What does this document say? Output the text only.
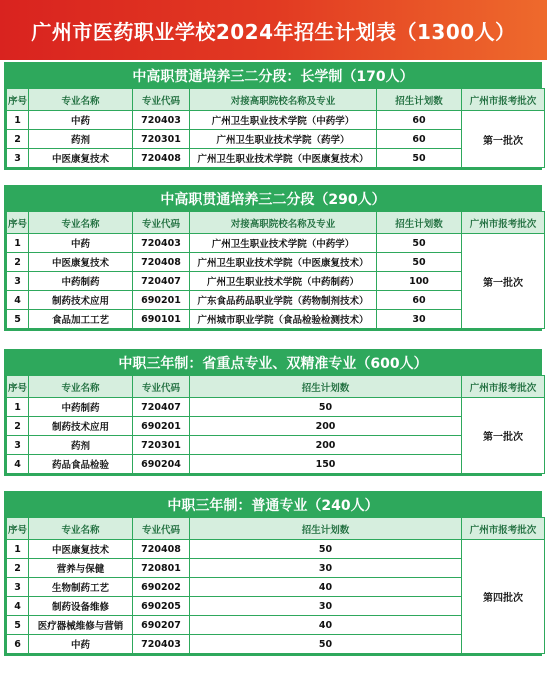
广州市医药职业学校2024年招生计划表（1300人）
中高职贯通培养三二分段：长学制（170人）
序号	专业名称	专业代码	对接高职院校名称及专业	招生计划数	广州市报考批次
1	中药	720403	广州卫生职业技术学院（中药学）	60	第一批次
2	药剂	720301	广州卫生职业技术学院（药学）	60	
3	中医康复技术	720408	广州卫生职业技术学院（中医康复技术）	50	
中高职贯通培养三二分段（290人）
序号	专业名称	专业代码	对接高职院校名称及专业	招生计划数	广州市报考批次
1	中药	720403	广州卫生职业技术学院（中药学）	50	第一批次
2	中医康复技术	720408	广州卫生职业技术学院（中医康复技术）	50	
3	中药制药	720407	广州卫生职业技术学院（中药制药）	100	
4	制药技术应用	690201	广东食品药品职业学院（药物制剂技术）	60	
5	食品加工工艺	690101	广州城市职业学院（食品检验检测技术）	30	
中职三年制：省重点专业、双精准专业（600人）
序号	专业名称	专业代码	招生计划数	广州市报考批次
1	中药制药	720407	50	第一批次
2	制药技术应用	690201	200	
3	药剂	720301	200	
4	药品食品检验	690204	150	
中职三年制：普通专业（240人）
序号	专业名称	专业代码	招生计划数	广州市报考批次
1	中医康复技术	720408	50	第四批次
2	营养与保健	720801	30	
3	生物制药工艺	690202	40	
4	制药设备维修	690205	30	
5	医疗器械维修与营销	690207	40	
6	中药	720403	50	
